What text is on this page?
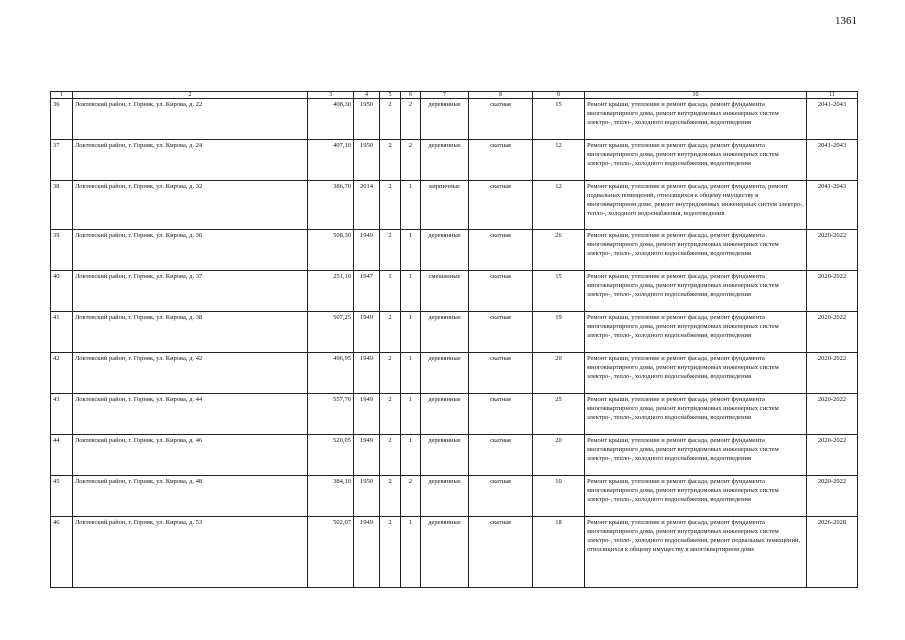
1361
1	2	3	4	5	6	7	8	9	10	11
36	Локтевский район, г. Горняк, ул. Кирова, д. 22	408,30	1950	2	2	деревянные	скатная	15	Ремонт крыши, утепление и ремонт фасада, ремонт фундамента многоквартирного дома, ремонт внутридомовых инженерных систем электро-, тепло-, холодного водоснабжения, водоотведения	2041-2043
37	Локтевский район, г. Горняк, ул. Кирова, д. 24	407,10	1950	2	2	деревянные	скатная	12	Ремонт крыши, утепление и ремонт фасада, ремонт фундамента многоквартирного дома, ремонт внутридомовых инженерных систем электро-, тепло-, холодного водоснабжения, водоотведения	2041-2043
38	Локтевский район, г. Горняк, ул. Кирова, д. 32	386,70	2014	2	1	кирпичные	скатная	12	Ремонт крыши, утепление и ремонт фасада, ремонт фундамента, ремонт подвальных помещений, относящихся к общему имуществу в многоквартирном доме, ремонт внутридомовых инженерных систем электро-, тепло-, холодного водоснабжения, водоотведения	2041-2043
39	Локтевский район, г. Горняк, ул. Кирова, д. 36	508,30	1949	2	1	деревянные	скатная	26	Ремонт крыши, утепление и ремонт фасада, ремонт фундамента многоквартирного дома, ремонт внутридомовых инженерных систем электро-, тепло-, холодного водоснабжения, водоотведения	2020-2022
40	Локтевский район, г. Горняк, ул. Кирова, д. 37	251,10	1947	1	1	смешанные	скатная	15	Ремонт крыши, утепление и ремонт фасада, ремонт фундамента многоквартирного дома, ремонт внутридомовых инженерных систем электро-, тепло-, холодного водоснабжения, водоотведения	2020-2022
41	Локтевский район, г. Горняк, ул. Кирова, д. 38	507,25	1949	2	1	деревянные	скатная	19	Ремонт крыши, утепление и ремонт фасада, ремонт фундамента многоквартирного дома, ремонт внутридомовых инженерных систем электро-, тепло-, холодного водоснабжения, водоотведения	2020-2022
42	Локтевский район, г. Горняк, ул. Кирова, д. 42	496,95	1949	2	1	деревянные	скатная	20	Ремонт крыши, утепление и ремонт фасада, ремонт фундамента многоквартирного дома, ремонт внутридомовых инженерных систем электро-, тепло-, холодного водоснабжения, водоотведения	2020-2022
43	Локтевский район, г. Горняк, ул. Кирова, д. 44	557,70	1949	2	1	деревянные	скатная	25	Ремонт крыши, утепление и ремонт фасада, ремонт фундамента многоквартирного дома, ремонт внутридомовых инженерных систем электро-, тепло-, холодного водоснабжения, водоотведения	2020-2022
44	Локтевский район, г. Горняк, ул. Кирова, д. 46	520,05	1949	2	1	деревянные	скатная	20	Ремонт крыши, утепление и ремонт фасада, ремонт фундамента многоквартирного дома, ремонт внутридомовых инженерных систем электро-, тепло-, холодного водоснабжения, водоотведения	2020-2022
45	Локтевский район, г. Горняк, ул. Кирова, д. 48	384,10	1950	2	2	деревянные	скатная	10	Ремонт крыши, утепление и ремонт фасада, ремонт фундамента многоквартирного дома, ремонт внутридомовых инженерных систем электро-, тепло-, холодного водоснабжения, водоотведения	2020-2022
46	Локтевский район, г. Горняк, ул. Кирова, д. 53	502,07	1949	2	1	деревянные	скатная	18	Ремонт крыши, утепление и ремонт фасада, ремонт фундамента многоквартирного дома, ремонт внутридомовых инженерных систем электро-, тепло-, холодного водоснабжения, ремонт подвальных помещений, относящихся к общему имуществу в многоквартирном доме	2026-2028
